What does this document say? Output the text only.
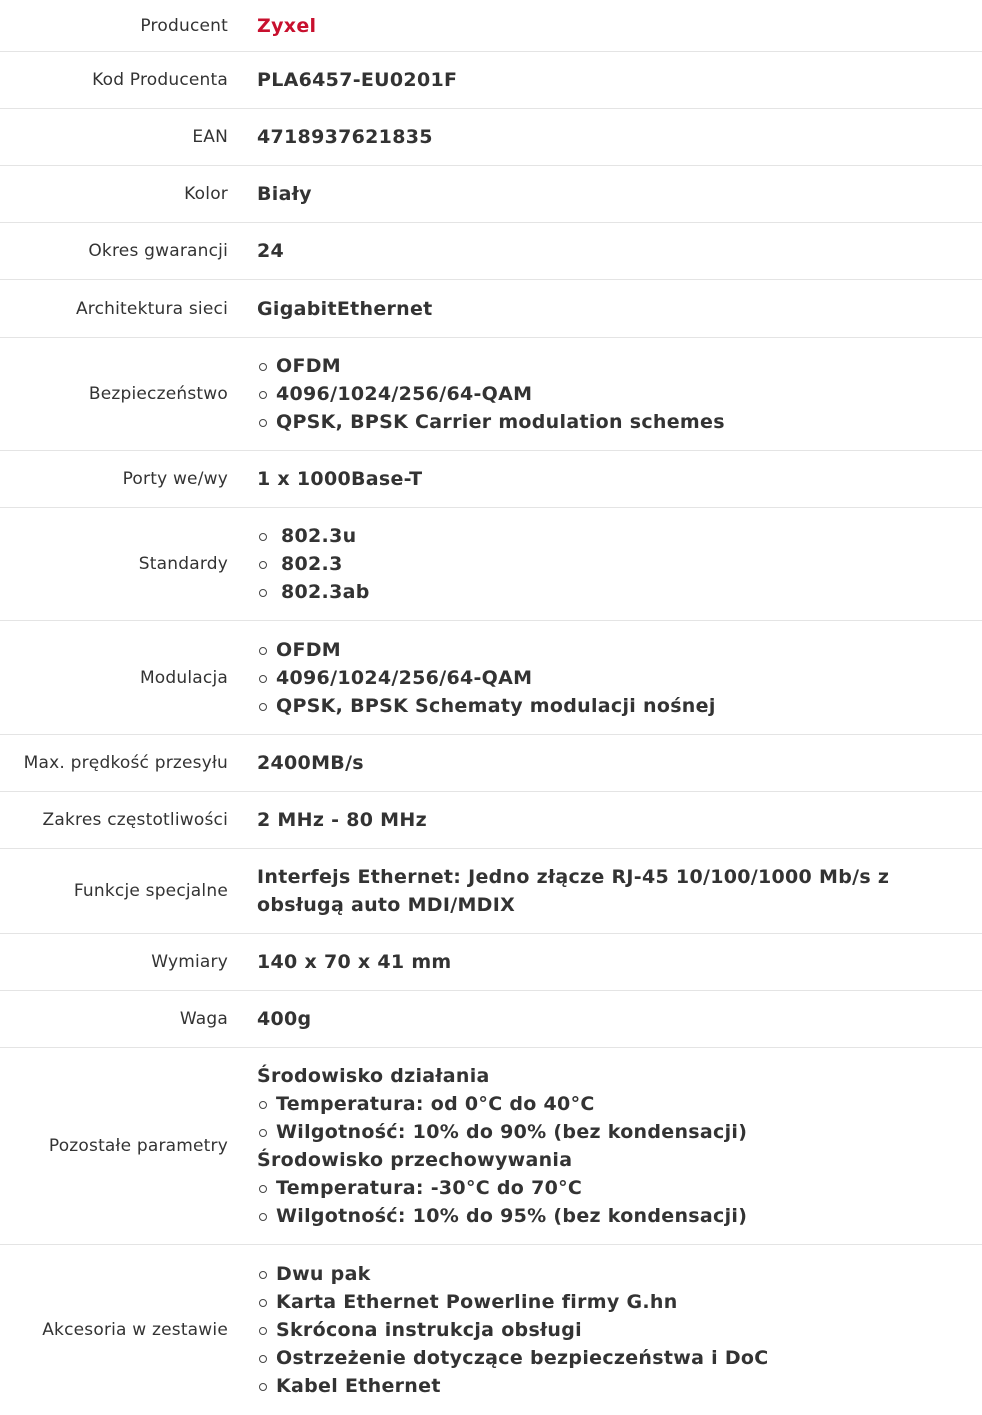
Producent Zyxel
Kod Producenta PLA6457-EU0201F
EAN 4718937621835
Kolor Biały
Okres gwarancji 24
Architektura sieci GigabitEthernet
Bezpieczeństwo
OFDM
4096/1024/256/64-QAM
QPSK, BPSK Carrier modulation schemes
Porty we/wy 1 x 1000Base-T
Standardy
802.3u
802.3
802.3ab
Modulacja
OFDM
4096/1024/256/64-QAM
QPSK, BPSK Schematy modulacji nośnej
Max. prędkość przesyłu 2400MB/s
Zakres częstotliwości 2 MHz - 80 MHz
Funkcje specjalne
Interfejs Ethernet: Jedno złącze RJ-45 10/100/1000 Mb/s z obsługą auto MDI/MDIX
Wymiary 140 x 70 x 41 mm
Waga 400g
Pozostałe parametry
Środowisko działania
Temperatura: od 0°C do 40°C
Wilgotność: 10% do 90% (bez kondensacji)
Środowisko przechowywania
Temperatura: -30°C do 70°C
Wilgotność: 10% do 95% (bez kondensacji)
Akcesoria w zestawie
Dwu pak
Karta Ethernet Powerline firmy G.hn
Skrócona instrukcja obsługi
Ostrzeżenie dotyczące bezpieczeństwa i DoC
Kabel Ethernet
